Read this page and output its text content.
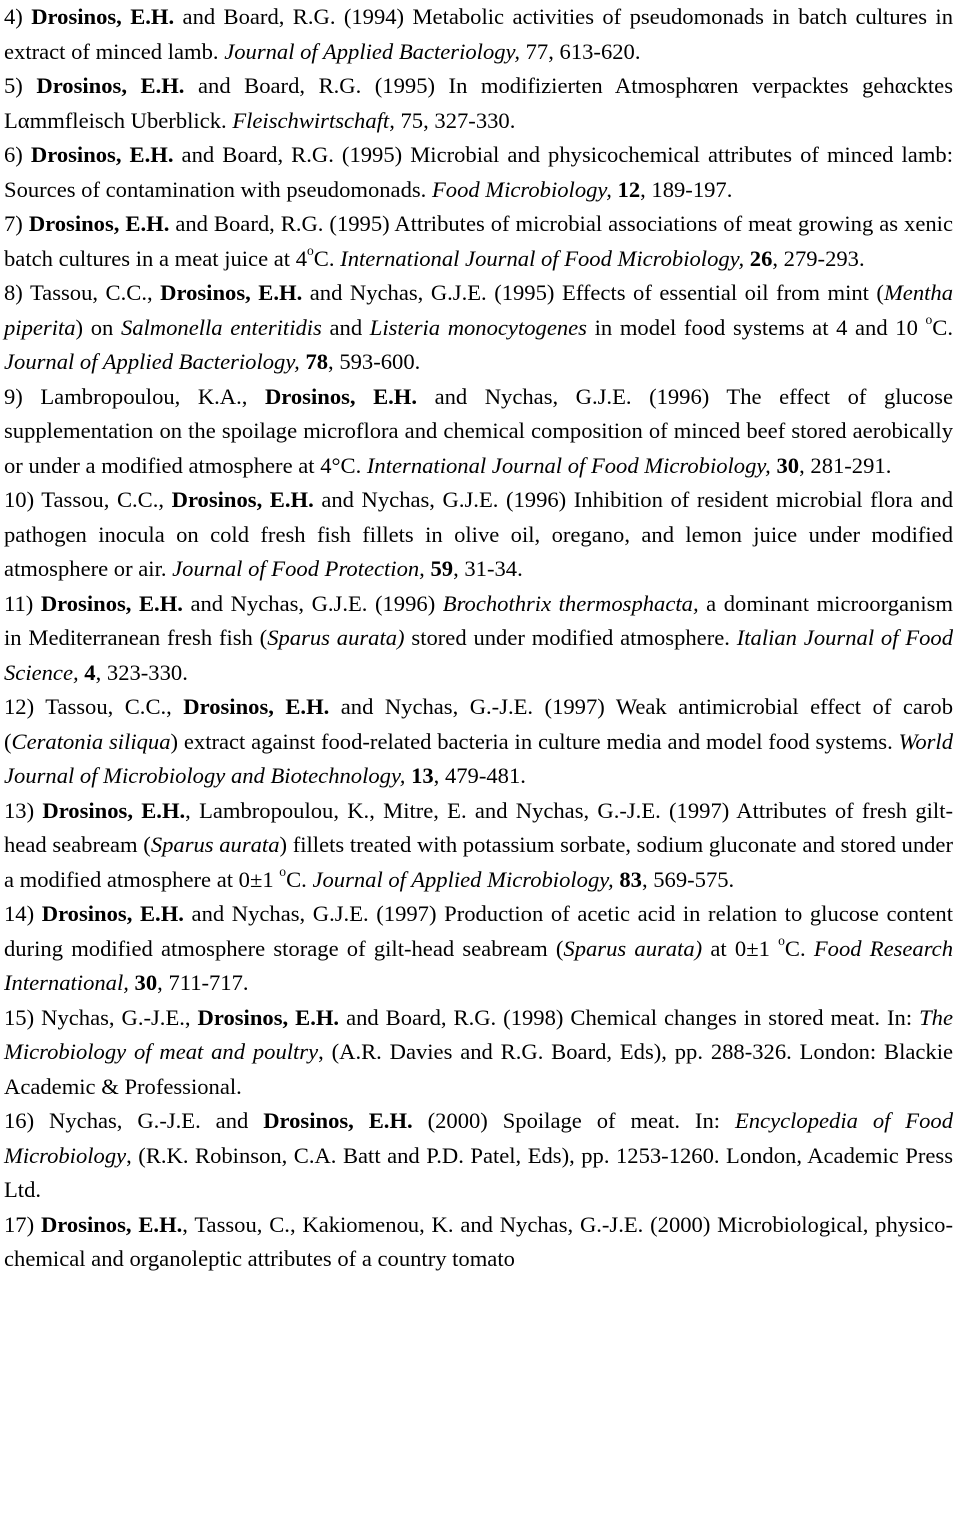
4) Drosinos, E.H. and Board, R.G. (1994) Metabolic activities of pseudomonads in batch cultures in extract of minced lamb. Journal of Applied Bacteriology, 77, 613-620.

5) Drosinos, E.H. and Board, R.G. (1995) In modifizierten Atmosphαren verpacktes gehαcktes Lαmmfleisch Uberblick. Fleischwirtschaft, 75, 327-330.

6) Drosinos, E.H. and Board, R.G. (1995) Microbial and physicochemical attributes of minced lamb: Sources of contamination with pseudomonads. Food Microbiology, 12, 189-197.

7) Drosinos, E.H. and Board, R.G. (1995) Attributes of microbial associations of meat growing as xenic batch cultures in a meat juice at 4$^o$C. International Journal of Food Microbiology, 26, 279-293.

8) Tassou, C.C., Drosinos, E.H. and Nychas, G.J.E. (1995) Effects of essential oil from mint (Mentha piperita) on Salmonella enteritidis and Listeria monocytogenes in model food systems at 4 and 10 $^o$C. Journal of Applied Bacteriology, 78, 593-600.

9) Lambropoulou, K.A., Drosinos, E.H. and Nychas, G.J.E. (1996) The effect of glucose supplementation on the spoilage microflora and chemical composition of minced beef stored aerobically or under a modified atmosphere at 4°C. International Journal of Food Microbiology, 30, 281-291.

10) Tassou, C.C., Drosinos, E.H. and Nychas, G.J.E. (1996) Inhibition of resident microbial flora and pathogen inocula on cold fresh fish fillets in olive oil, oregano, and lemon juice under modified atmosphere or air. Journal of Food Protection, 59, 31-34.

11) Drosinos, E.H. and Nychas, G.J.E. (1996) Brochothrix thermosphacta, a dominant microorganism in Mediterranean fresh fish (Sparus aurata) stored under modified atmosphere. Italian Journal of Food Science, 4, 323-330.

12) Tassou, C.C., Drosinos, E.H. and Nychas, G.-J.E. (1997) Weak antimicrobial effect of carob (Ceratonia siliqua) extract against food-related bacteria in culture media and model food systems. World Journal of Microbiology and Biotechnology, 13, 479-481.

13) Drosinos, E.H., Lambropoulou, K., Mitre, E. and Nychas, G.-J.E. (1997) Attributes of fresh gilt-head seabream (Sparus aurata) fillets treated with potassium sorbate, sodium gluconate and stored under a modified atmosphere at 0±1 $^o$C. Journal of Applied Microbiology, 83, 569-575.

14) Drosinos, E.H. and Nychas, G.J.E. (1997) Production of acetic acid in relation to glucose content during modified atmosphere storage of gilt-head seabream (Sparus aurata) at 0±1 $^o$C. Food Research International, 30, 711-717.

15) Nychas, G.-J.E., Drosinos, E.H. and Board, R.G. (1998) Chemical changes in stored meat. In: The Microbiology of meat and poultry, (A.R. Davies and R.G. Board, Eds), pp. 288-326. London: Blackie Academic & Professional.

16) Nychas, G.-J.E. and Drosinos, E.H. (2000) Spoilage of meat. In: Encyclopedia of Food Microbiology, (R.K. Robinson, C.A. Batt and P.D. Patel, Eds), pp. 1253-1260. London, Academic Press Ltd.

17) Drosinos, E.H., Tassou, C., Kakiomenou, K. and Nychas, G.-J.E. (2000) Microbiological, physico-chemical and organoleptic attributes of a country tomato
